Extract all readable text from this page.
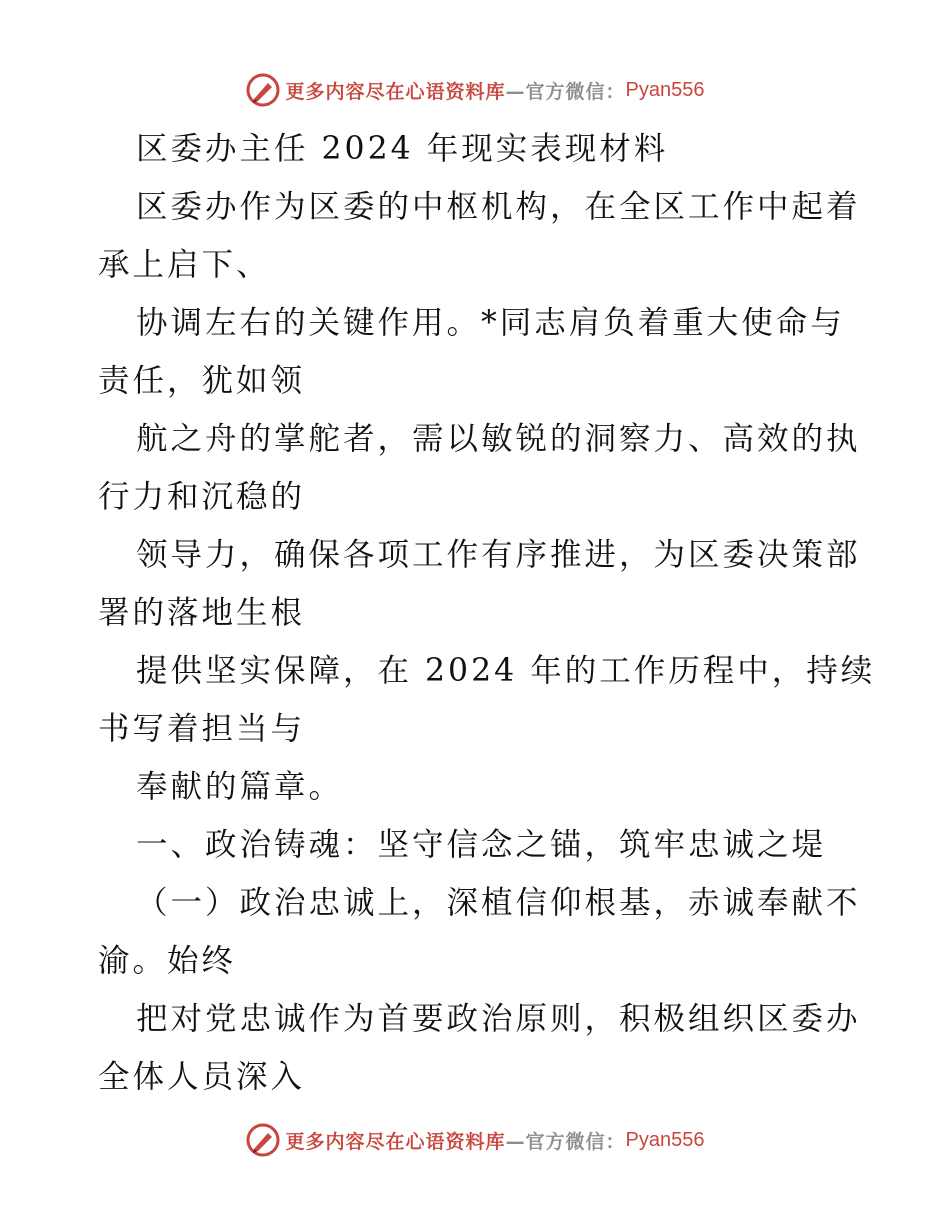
更多内容尽在心语资料库 —官方微信： Pyan556
区委办主任 2024 年现实表现材料
区委办作为区委的中枢机构，在全区工作中起着
承上启下、
协调左右的关键作用。*同志肩负着重大使命与
责任，犹如领
航之舟的掌舵者，需以敏锐的洞察力、高效的执
行力和沉稳的
领导力，确保各项工作有序推进，为区委决策部
署的落地生根
提供坚实保障，在 2024 年的工作历程中，持续
书写着担当与
奉献的篇章。
一、政治铸魂：坚守信念之锚，筑牢忠诚之堤
（一）政治忠诚上，深植信仰根基，赤诚奉献不
渝。始终
把对党忠诚作为首要政治原则，积极组织区委办
全体人员深入
更多内容尽在心语资料库 —官方微信： Pyan556
